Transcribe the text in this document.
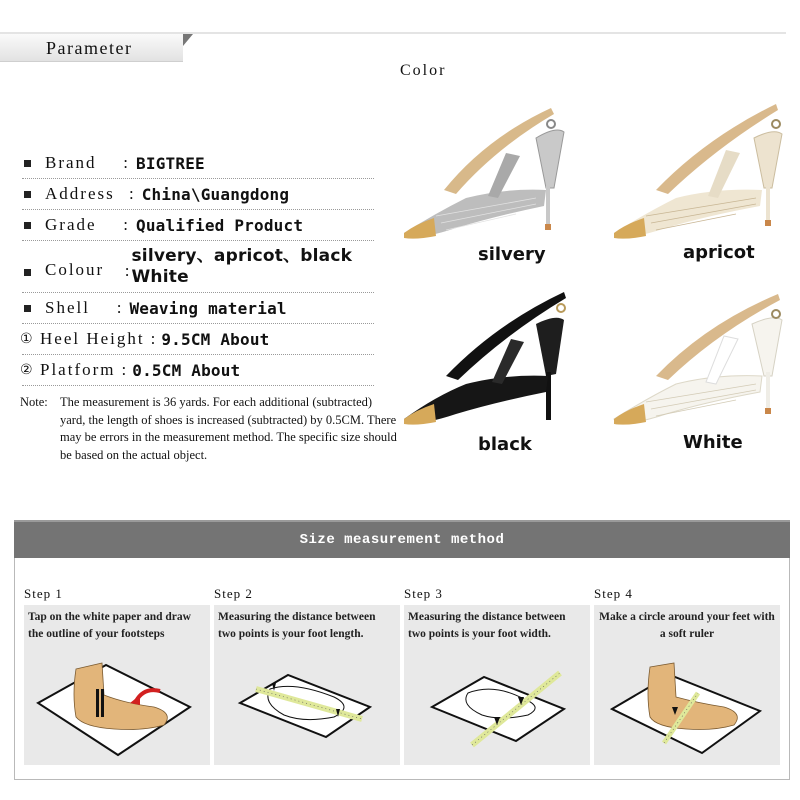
Parameter
Color
Brand : BIGTREE
Address : China\Guangdong
Grade : Qualified Product
Colour :
silvery、apricot、black
White
Shell : Weaving material
① Heel Height : 9.5CM About
② Platform : 0.5CM About
Note: The measurement is 36 yards. For each additional (subtracted) yard, the length of shoes is increased (subtracted) by 0.5CM. There may be errors in the measurement method. The specific size should be based on the actual object.
silvery	apricot
black	White
Size measurement method
Step 1
Tap on the white paper and draw the outline of your footsteps
Step 2
Measuring the distance between two points is your foot length.
Step 3
Measuring the distance between two points is your foot width.
Step 4
Make a circle around your feet with a soft ruler
